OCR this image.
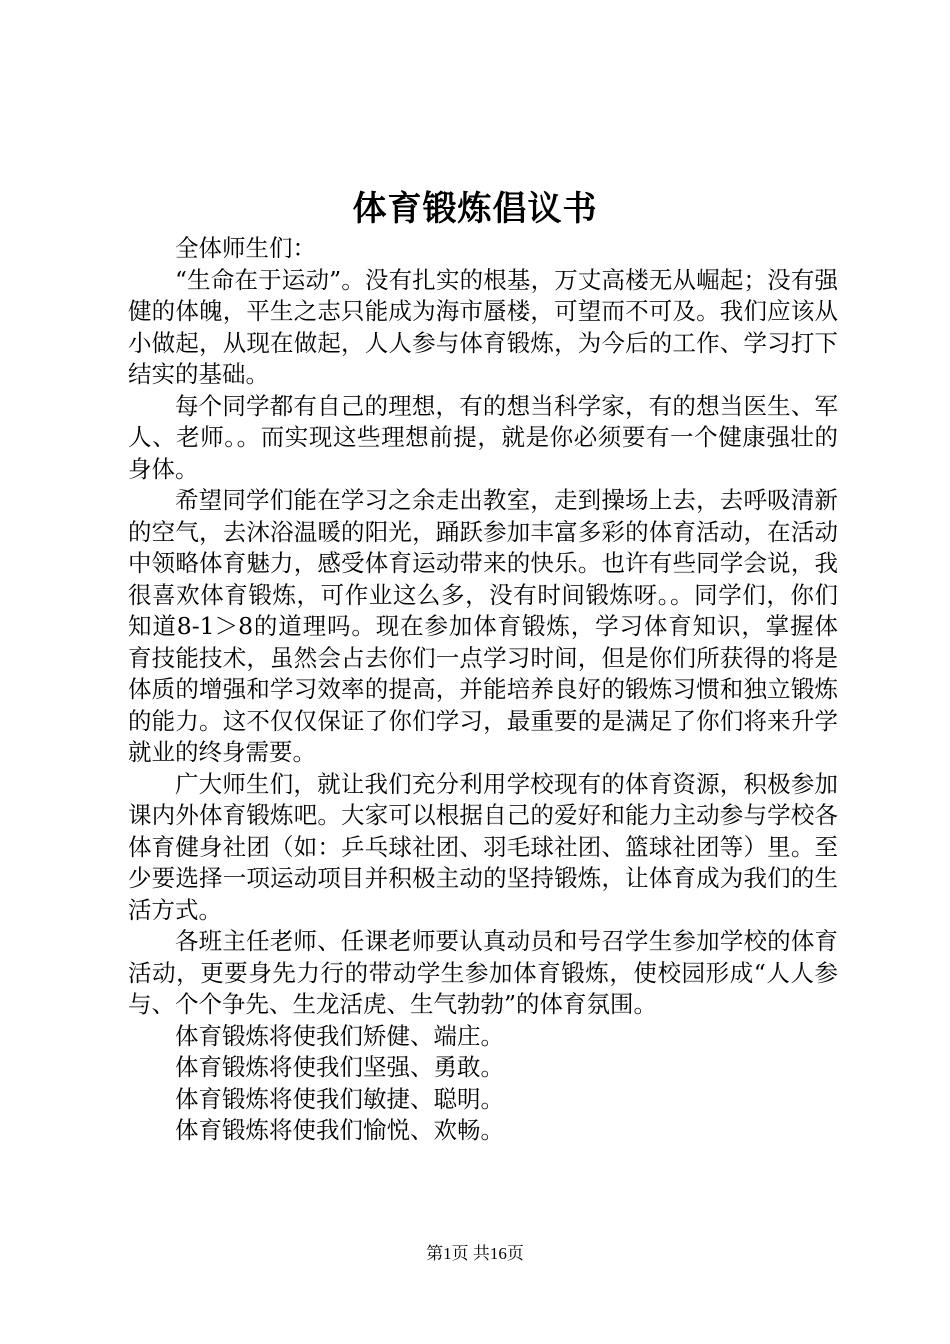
体育锻炼倡议书

全体师生们：

“生命在于运动”。没有扎实的根基，万丈高楼无从崛起；没有强健的体魄，平生之志只能成为海市蜃楼，可望而不可及。我们应该从小做起，从现在做起，人人参与体育锻炼，为今后的工作、学习打下结实的基础。

每个同学都有自己的理想，有的想当科学家，有的想当医生、军人、老师。。而实现这些理想前提，就是你必须要有一个健康强壮的身体。

希望同学们能在学习之余走出教室，走到操场上去，去呼吸清新的空气，去沐浴温暖的阳光，踊跃参加丰富多彩的体育活动，在活动中领略体育魅力，感受体育运动带来的快乐。也许有些同学会说，我很喜欢体育锻炼，可作业这么多，没有时间锻炼呀。。同学们，你们知道8-1＞8的道理吗。现在参加体育锻炼，学习体育知识，掌握体育技能技术，虽然会占去你们一点学习时间，但是你们所获得的将是体质的增强和学习效率的提高，并能培养良好的锻炼习惯和独立锻炼的能力。这不仅仅保证了你们学习，最重要的是满足了你们将来升学就业的终身需要。

广大师生们，就让我们充分利用学校现有的体育资源，积极参加课内外体育锻炼吧。大家可以根据自己的爱好和能力主动参与学校各体育健身社团（如：乒乓球社团、羽毛球社团、篮球社团等）里。至少要选择一项运动项目并积极主动的坚持锻炼，让体育成为我们的生活方式。

各班主任老师、任课老师要认真动员和号召学生参加学校的体育活动，更要身先力行的带动学生参加体育锻炼，使校园形成“人人参与、个个争先、生龙活虎、生气勃勃”的体育氛围。

体育锻炼将使我们矫健、端庄。

体育锻炼将使我们坚强、勇敢。

体育锻炼将使我们敏捷、聪明。

体育锻炼将使我们愉悦、欢畅。

第1页 共16页
